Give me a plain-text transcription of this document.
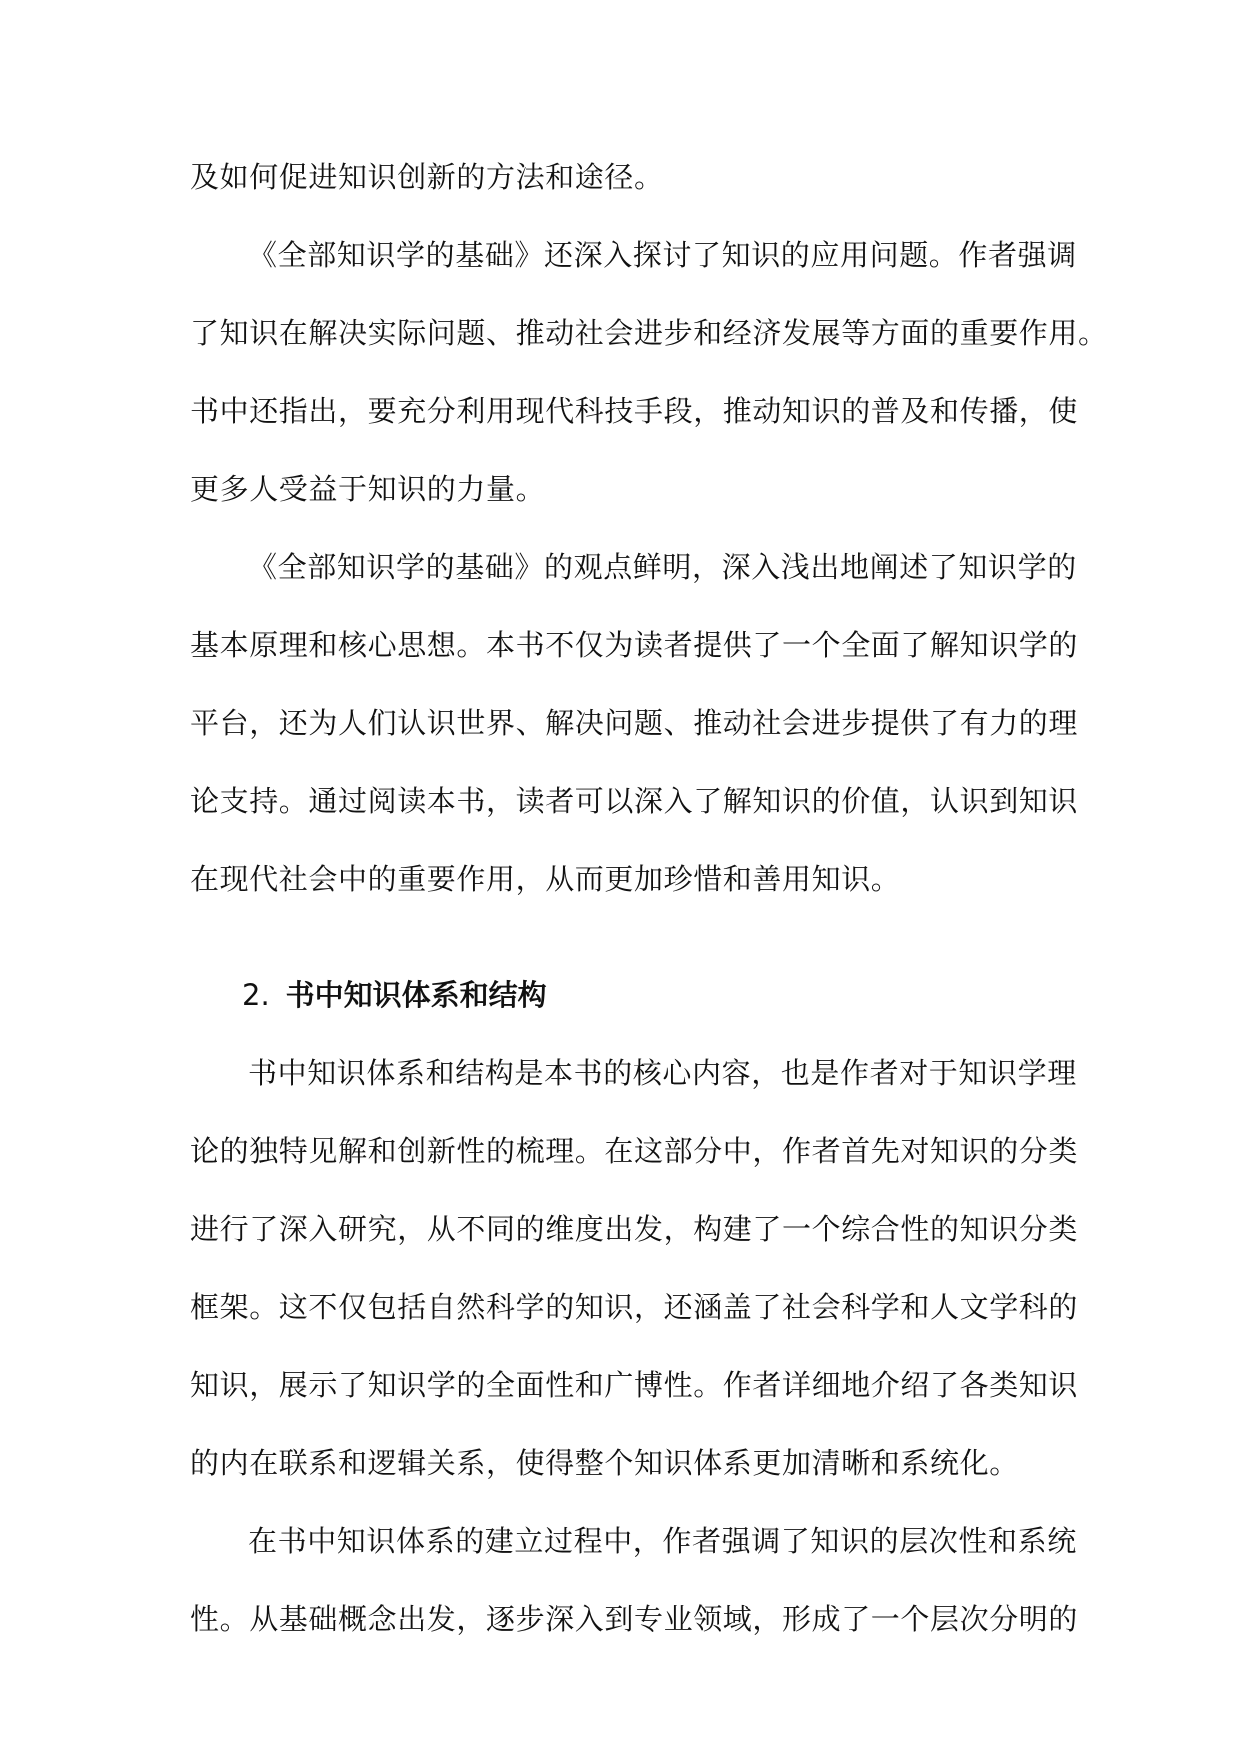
及如何促进知识创新的方法和途径。
《全部知识学的基础》还深入探讨了知识的应用问题。作者强调
了知识在解决实际问题、推动社会进步和经济发展等方面的重要作用。
书中还指出，要充分利用现代科技手段，推动知识的普及和传播，使
更多人受益于知识的力量。
《全部知识学的基础》的观点鲜明，深入浅出地阐述了知识学的
基本原理和核心思想。本书不仅为读者提供了一个全面了解知识学的
平台，还为人们认识世界、解决问题、推动社会进步提供了有力的理
论支持。通过阅读本书，读者可以深入了解知识的价值，认识到知识
在现代社会中的重要作用，从而更加珍惜和善用知识。
2. 书中知识体系和结构
书中知识体系和结构是本书的核心内容，也是作者对于知识学理
论的独特见解和创新性的梳理。在这部分中，作者首先对知识的分类
进行了深入研究，从不同的维度出发，构建了一个综合性的知识分类
框架。这不仅包括自然科学的知识，还涵盖了社会科学和人文学科的
知识，展示了知识学的全面性和广博性。作者详细地介绍了各类知识
的内在联系和逻辑关系，使得整个知识体系更加清晰和系统化。
在书中知识体系的建立过程中，作者强调了知识的层次性和系统
性。从基础概念出发，逐步深入到专业领域，形成了一个层次分明的
